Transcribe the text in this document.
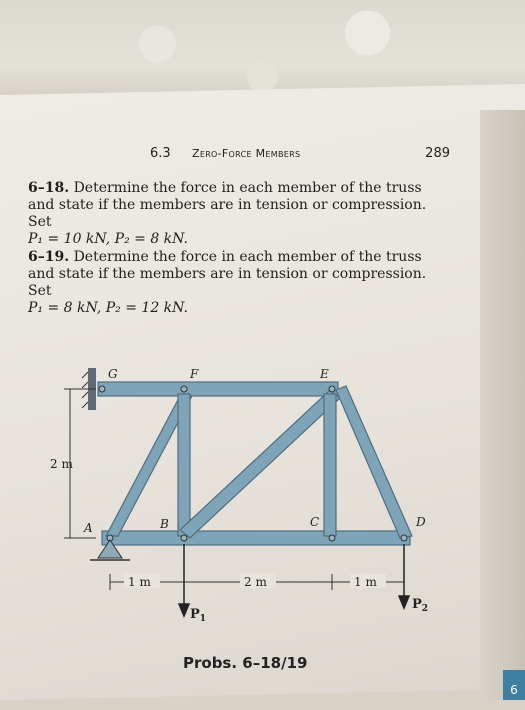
6.3 Zero-Force Members	289
6–18. Determine the force in each member of the truss
and state if the members are in tension or compression. Set
P₁ = 10 kN, P₂ = 8 kN.
6–19. Determine the force in each member of the truss
and state if the members are in tension or compression. Set
P₁ = 8 kN, P₂ = 12 kN.
G	F	E
A	B	C	D
2 m
1 m	2 m	1 m
$P_1$
$P_2$
Probs. 6–18/19
6
